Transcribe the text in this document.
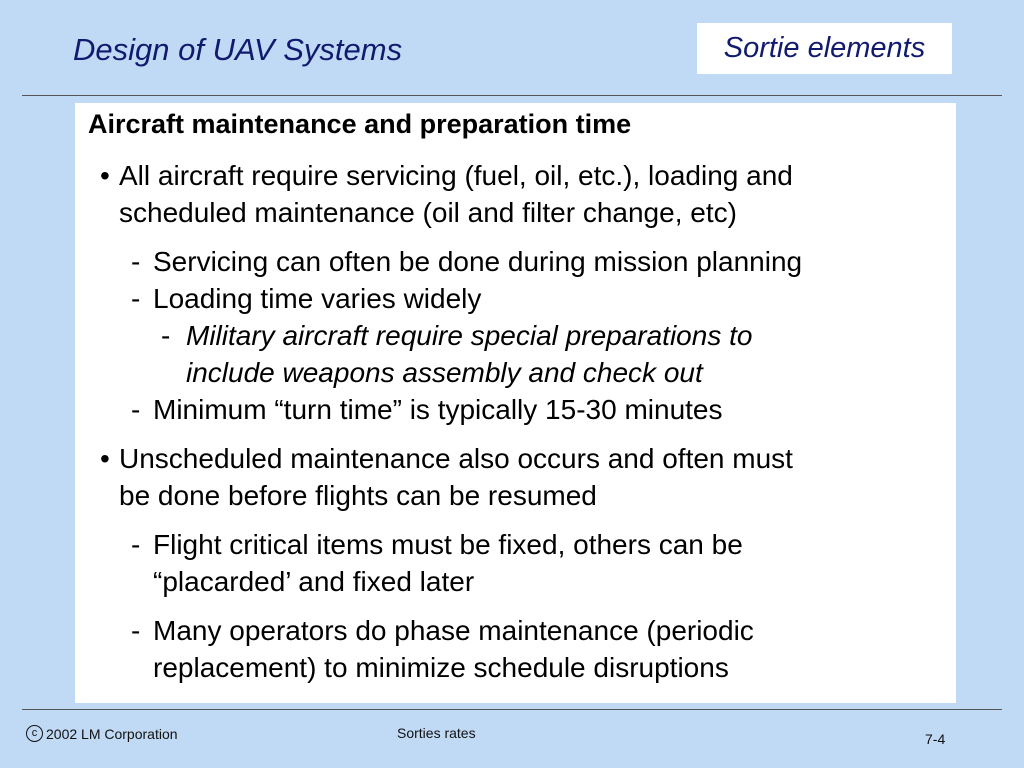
Design of UAV Systems	Sortie elements
Aircraft maintenance and preparation time
• All aircraft require servicing (fuel, oil, etc.), loading and
scheduled maintenance (oil and filter change, etc)
- Servicing can often be done during mission planning
- Loading time varies widely
- Military aircraft require special preparations to
include weapons assembly and check out
- Minimum “turn time” is typically 15-30 minutes
• Unscheduled maintenance also occurs and often must
be done before flights can be resumed
- Flight critical items must be fixed, others can be
“placarded’ and fixed later
- Many operators do phase maintenance (periodic
replacement) to minimize schedule disruptions
c 2002 LM Corporation	Sorties rates	7-4
